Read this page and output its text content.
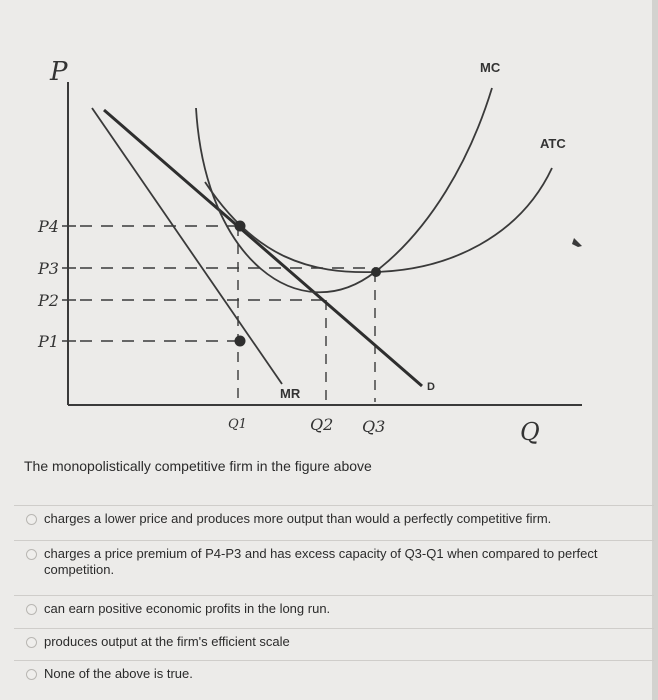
P
Q
P4
P3
P2
P1
Q1	Q2 Q3
MC
ATC
MR	D
The monopolistically competitive firm in the figure above
charges a lower price and produces more output than would a perfectly competitive firm.
charges a price premium of P4-P3 and has excess capacity of Q3-Q1 when compared to perfect competition.
can earn positive economic profits in the long run.
produces output at the firm's efficient scale
None of the above is true.
